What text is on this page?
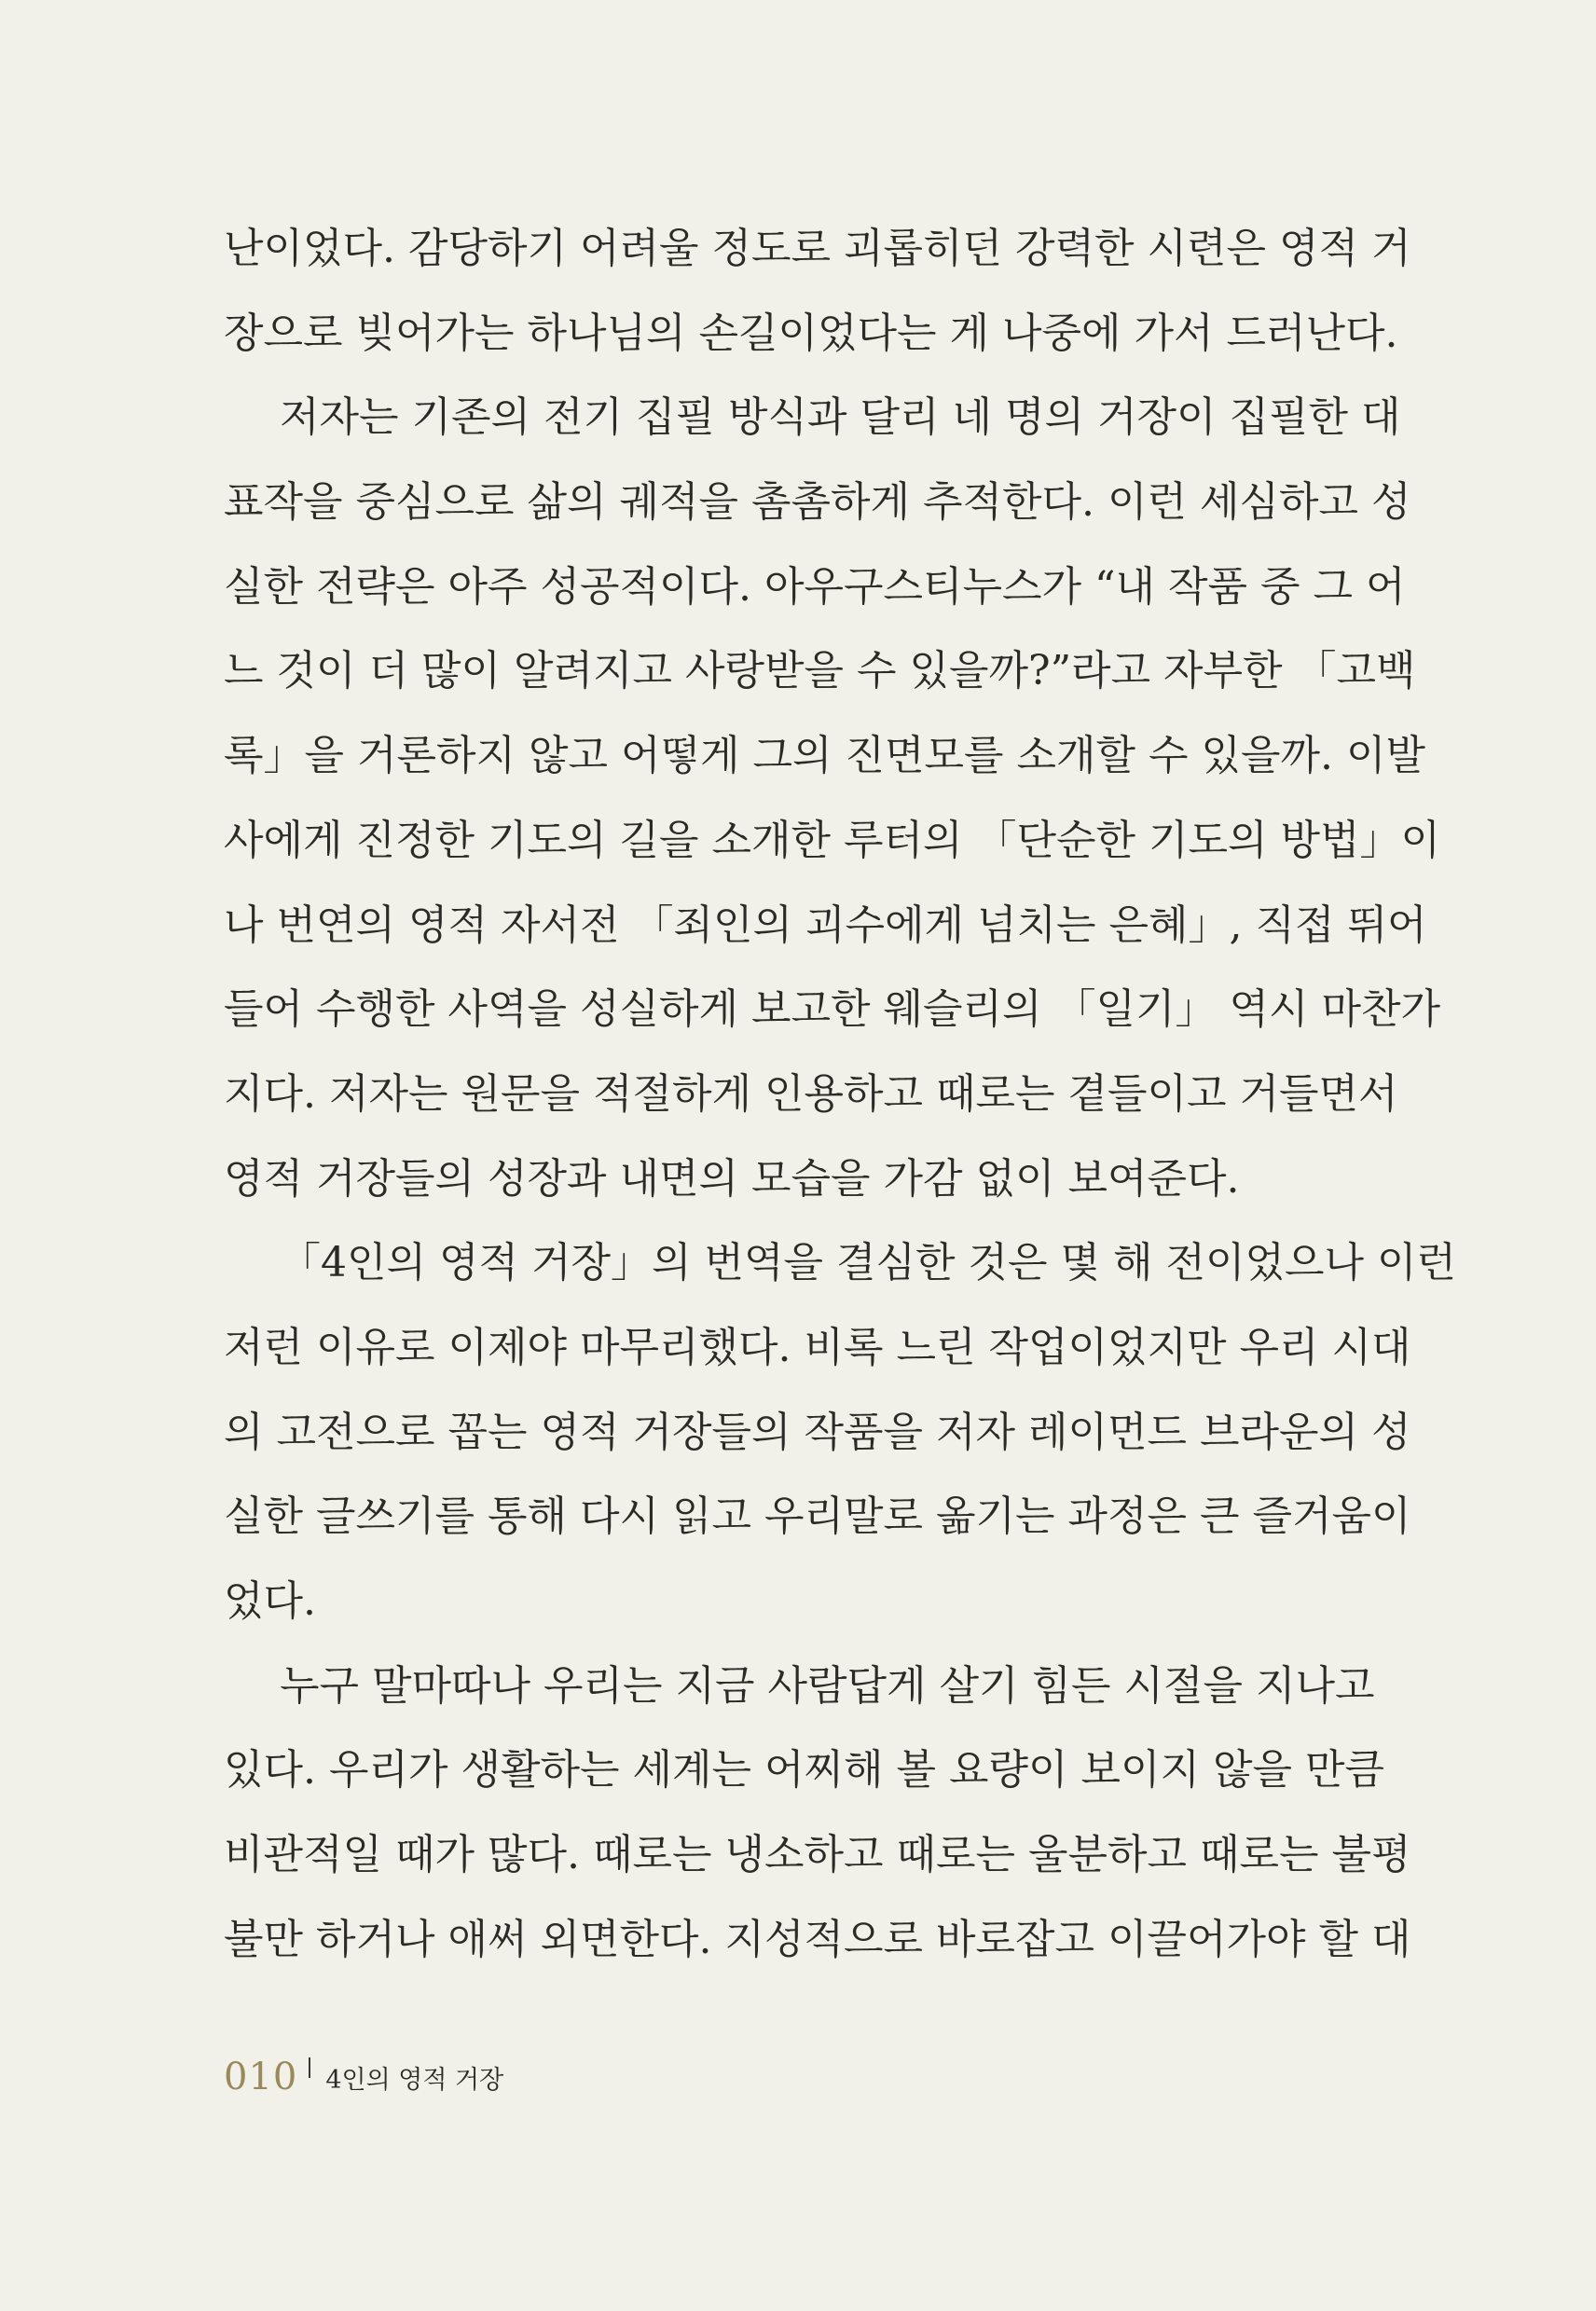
난이었다. 감당하기 어려울 정도로 괴롭히던 강력한 시련은 영적 거
장으로 빚어가는 하나님의 손길이었다는 게 나중에 가서 드러난다.
저자는 기존의 전기 집필 방식과 달리 네 명의 거장이 집필한 대
표작을 중심으로 삶의 궤적을 촘촘하게 추적한다. 이런 세심하고 성
실한 전략은 아주 성공적이다. 아우구스티누스가 “내 작품 중 그 어
느 것이 더 많이 알려지고 사랑받을 수 있을까?”라고 자부한 「고백
록」을 거론하지 않고 어떻게 그의 진면모를 소개할 수 있을까. 이발
사에게 진정한 기도의 길을 소개한 루터의 「단순한 기도의 방법」이
나 번연의 영적 자서전 「죄인의 괴수에게 넘치는 은혜」, 직접 뛰어
들어 수행한 사역을 성실하게 보고한 웨슬리의 「일기」 역시 마찬가
지다. 저자는 원문을 적절하게 인용하고 때로는 곁들이고 거들면서
영적 거장들의 성장과 내면의 모습을 가감 없이 보여준다.
「4인의 영적 거장」의 번역을 결심한 것은 몇 해 전이었으나 이런
저런 이유로 이제야 마무리했다. 비록 느린 작업이었지만 우리 시대
의 고전으로 꼽는 영적 거장들의 작품을 저자 레이먼드 브라운의 성
실한 글쓰기를 통해 다시 읽고 우리말로 옮기는 과정은 큰 즐거움이
었다.
누구 말마따나 우리는 지금 사람답게 살기 힘든 시절을 지나고
있다. 우리가 생활하는 세계는 어찌해 볼 요량이 보이지 않을 만큼
비관적일 때가 많다. 때로는 냉소하고 때로는 울분하고 때로는 불평
불만 하거나 애써 외면한다. 지성적으로 바로잡고 이끌어가야 할 대
010 4인의 영적 거장
